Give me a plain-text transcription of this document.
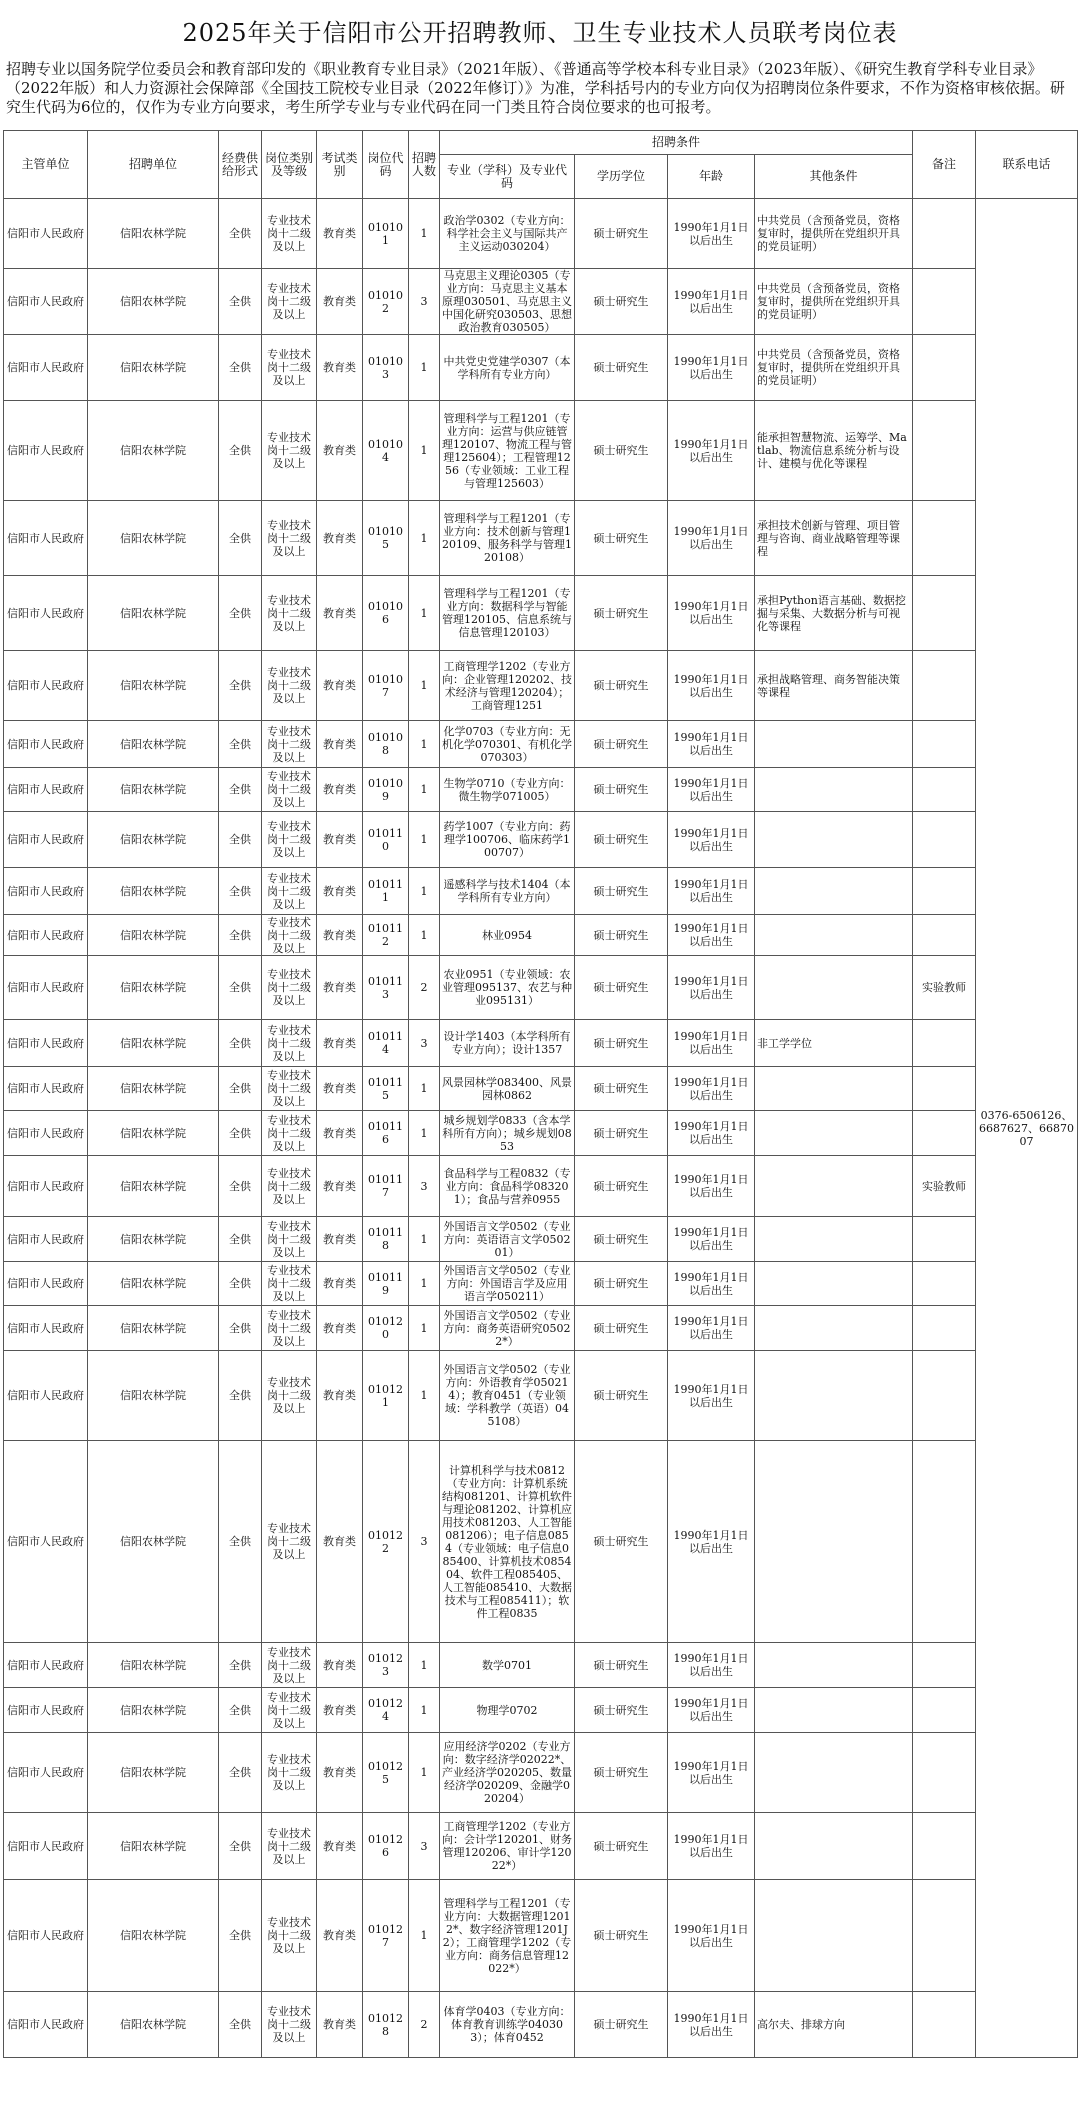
2025年关于信阳市公开招聘教师、卫生专业技术人员联考岗位表
招聘专业以国务院学位委员会和教育部印发的《职业教育专业目录》（2021年版）、《普通高等学校本科专业目录》（2023年版）、《研究生教育学科专业目录》（2022年版）和人力资源社会保障部《全国技工院校专业目录（2022年修订）》为准，学科括号内的专业方向仅为招聘岗位条件要求，不作为资格审核依据。研究生代码为6位的，仅作为专业方向要求，考生所学专业与专业代码在同一门类且符合岗位要求的也可报考。
主管单位	招聘单位	经费供给形式	岗位类别及等级	考试类别	岗位代码	招聘人数	招聘条件				备注	联系电话
							专业（学科）及专业代码	学历学位	年龄	其他条件		
信阳市人民政府	信阳农林学院	全供	专业技术岗十二级及以上	教育类	010101	1	政治学0302（专业方向：科学社会主义与国际共产主义运动030204）	硕士研究生	1990年1月1日以后出生	中共党员（含预备党员，资格复审时，提供所在党组织开具的党员证明）		0376-6506126、6687627、6687007
信阳市人民政府	信阳农林学院	全供	专业技术岗十二级及以上	教育类	010102	3	马克思主义理论0305（专业方向：马克思主义基本原理030501、马克思主义中国化研究030503、思想政治教育030505）	硕士研究生	1990年1月1日以后出生	中共党员（含预备党员，资格复审时，提供所在党组织开具的党员证明）		
信阳市人民政府	信阳农林学院	全供	专业技术岗十二级及以上	教育类	010103	1	中共党史党建学0307（本学科所有专业方向）	硕士研究生	1990年1月1日以后出生	中共党员（含预备党员，资格复审时，提供所在党组织开具的党员证明）		
信阳市人民政府	信阳农林学院	全供	专业技术岗十二级及以上	教育类	010104	1	管理科学与工程1201（专业方向：运营与供应链管理120107、物流工程与管理125604）；工程管理1256（专业领域：工业工程与管理125603）	硕士研究生	1990年1月1日以后出生	能承担智慧物流、运筹学、Matlab、物流信息系统分析与设计、建模与优化等课程		
信阳市人民政府	信阳农林学院	全供	专业技术岗十二级及以上	教育类	010105	1	管理科学与工程1201（专业方向：技术创新与管理120109、服务科学与管理120108）	硕士研究生	1990年1月1日以后出生	承担技术创新与管理、项目管理与咨询、商业战略管理等课程		
信阳市人民政府	信阳农林学院	全供	专业技术岗十二级及以上	教育类	010106	1	管理科学与工程1201（专业方向：数据科学与智能管理120105、信息系统与信息管理120103）	硕士研究生	1990年1月1日以后出生	承担Python语言基础、数据挖掘与采集、大数据分析与可视化等课程		
信阳市人民政府	信阳农林学院	全供	专业技术岗十二级及以上	教育类	010107	1	工商管理学1202（专业方向：企业管理120202、技术经济与管理120204）；工商管理1251	硕士研究生	1990年1月1日以后出生	承担战略管理、商务智能决策等课程		
信阳市人民政府	信阳农林学院	全供	专业技术岗十二级及以上	教育类	010108	1	化学0703（专业方向：无机化学070301、有机化学070303）	硕士研究生	1990年1月1日以后出生			
信阳市人民政府	信阳农林学院	全供	专业技术岗十二级及以上	教育类	010109	1	生物学0710（专业方向：微生物学071005）	硕士研究生	1990年1月1日以后出生			
信阳市人民政府	信阳农林学院	全供	专业技术岗十二级及以上	教育类	010110	1	药学1007（专业方向：药理学100706、临床药学100707）	硕士研究生	1990年1月1日以后出生			
信阳市人民政府	信阳农林学院	全供	专业技术岗十二级及以上	教育类	010111	1	遥感科学与技术1404（本学科所有专业方向）	硕士研究生	1990年1月1日以后出生			
信阳市人民政府	信阳农林学院	全供	专业技术岗十二级及以上	教育类	010112	1	林业0954	硕士研究生	1990年1月1日以后出生			
信阳市人民政府	信阳农林学院	全供	专业技术岗十二级及以上	教育类	010113	2	农业0951（专业领域：农业管理095137、农艺与种业095131）	硕士研究生	1990年1月1日以后出生		实验教师	
信阳市人民政府	信阳农林学院	全供	专业技术岗十二级及以上	教育类	010114	3	设计学1403（本学科所有专业方向）；设计1357	硕士研究生	1990年1月1日以后出生	非工学学位		
信阳市人民政府	信阳农林学院	全供	专业技术岗十二级及以上	教育类	010115	1	风景园林学083400、风景园林0862	硕士研究生	1990年1月1日以后出生			
信阳市人民政府	信阳农林学院	全供	专业技术岗十二级及以上	教育类	010116	1	城乡规划学0833（含本学科所有方向）；城乡规划0853	硕士研究生	1990年1月1日以后出生			
信阳市人民政府	信阳农林学院	全供	专业技术岗十二级及以上	教育类	010117	3	食品科学与工程0832（专业方向：食品科学083201）；食品与营养0955	硕士研究生	1990年1月1日以后出生		实验教师	
信阳市人民政府	信阳农林学院	全供	专业技术岗十二级及以上	教育类	010118	1	外国语言文学0502（专业方向：英语语言文学050201）	硕士研究生	1990年1月1日以后出生			
信阳市人民政府	信阳农林学院	全供	专业技术岗十二级及以上	教育类	010119	1	外国语言文学0502（专业方向：外国语言学及应用语言学050211）	硕士研究生	1990年1月1日以后出生			
信阳市人民政府	信阳农林学院	全供	专业技术岗十二级及以上	教育类	010120	1	外国语言文学0502（专业方向：商务英语研究05022*）	硕士研究生	1990年1月1日以后出生			
信阳市人民政府	信阳农林学院	全供	专业技术岗十二级及以上	教育类	010121	1	外国语言文学0502（专业方向：外语教育学050214）；教育0451（专业领域：学科教学（英语）045108）	硕士研究生	1990年1月1日以后出生			
信阳市人民政府	信阳农林学院	全供	专业技术岗十二级及以上	教育类	010122	3	计算机科学与技术0812（专业方向：计算机系统结构081201、计算机软件与理论081202、计算机应用技术081203、人工智能081206）；电子信息0854（专业领域：电子信息085400、计算机技术085404、软件工程085405、人工智能085410、大数据技术与工程085411）；软件工程0835	硕士研究生	1990年1月1日以后出生			
信阳市人民政府	信阳农林学院	全供	专业技术岗十二级及以上	教育类	010123	1	数学0701	硕士研究生	1990年1月1日以后出生			
信阳市人民政府	信阳农林学院	全供	专业技术岗十二级及以上	教育类	010124	1	物理学0702	硕士研究生	1990年1月1日以后出生			
信阳市人民政府	信阳农林学院	全供	专业技术岗十二级及以上	教育类	010125	1	应用经济学0202（专业方向：数字经济学02022*、产业经济学020205、数量经济学020209、金融学020204）	硕士研究生	1990年1月1日以后出生			
信阳市人民政府	信阳农林学院	全供	专业技术岗十二级及以上	教育类	010126	3	工商管理学1202（专业方向：会计学120201、财务管理120206、审计学12022*）	硕士研究生	1990年1月1日以后出生			
信阳市人民政府	信阳农林学院	全供	专业技术岗十二级及以上	教育类	010127	1	管理科学与工程1201（专业方向：大数据管理12012*、数字经济管理1201J2）；工商管理学1202（专业方向：商务信息管理12022*）	硕士研究生	1990年1月1日以后出生			
信阳市人民政府	信阳农林学院	全供	专业技术岗十二级及以上	教育类	010128	2	体育学0403（专业方向：体育教育训练学040303）；体育0452	硕士研究生	1990年1月1日以后出生	高尔夫、排球方向		
